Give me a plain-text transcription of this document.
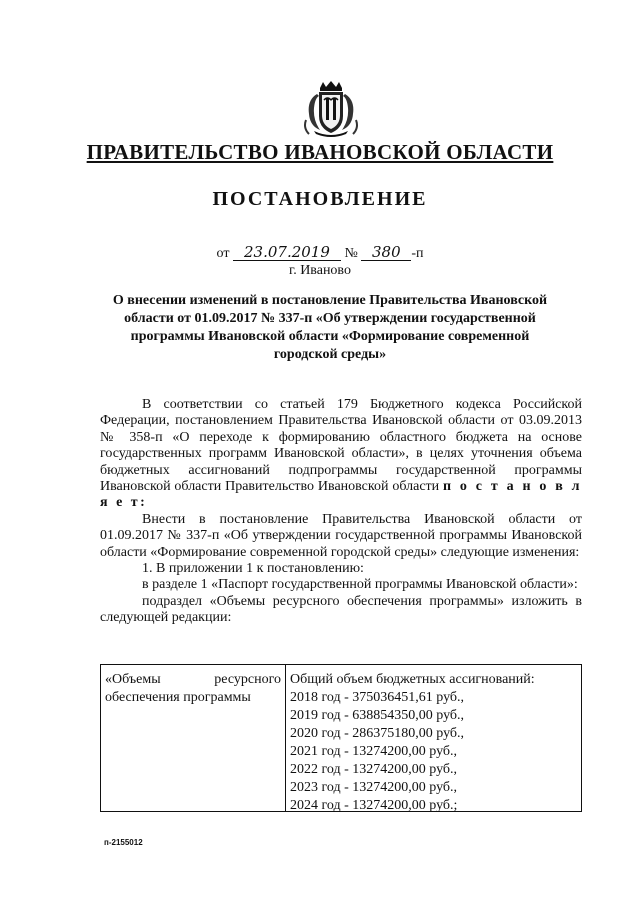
ПРАВИТЕЛЬСТВО ИВАНОВСКОЙ ОБЛАСТИ
ПОСТАНОВЛЕНИЕ
от 23.07.2019 № 380 -п
г. Иваново
О внесении изменений в постановление Правительства Ивановской области от 01.09.2017 № 337-п «Об утверждении государственной программы Ивановской области «Формирование современной городской среды»

В соответствии со статьей 179 Бюджетного кодекса Российской Федерации, постановлением Правительства Ивановской области от 03.09.2013 № 358-п «О переходе к формированию областного бюджета на основе государственных программ Ивановской области», в целях уточнения объема бюджетных ассигнований подпрограммы государственной программы Ивановской области Правительство Ивановской области п о с т а н о в л я е т:

Внести в постановление Правительства Ивановской области от 01.09.2017 № 337-п «Об утверждении государственной программы Ивановской области «Формирование современной городской среды» следующие изменения:

1. В приложении 1 к постановлению:

в разделе 1 «Паспорт государственной программы Ивановской области»:

подраздел «Объемы ресурсного обеспечения программы» изложить в следующей редакции:

«Объемы ресурсного обеспечения программы
Общий объем бюджетных ассигнований:
2018 год - 375036451,61 руб.,
2019 год - 638854350,00 руб.,
2020 год - 286375180,00 руб.,
2021 год - 13274200,00 руб.,
2022 год - 13274200,00 руб.,
2023 год - 13274200,00 руб.,
2024 год - 13274200,00 руб.;
п-2155012
